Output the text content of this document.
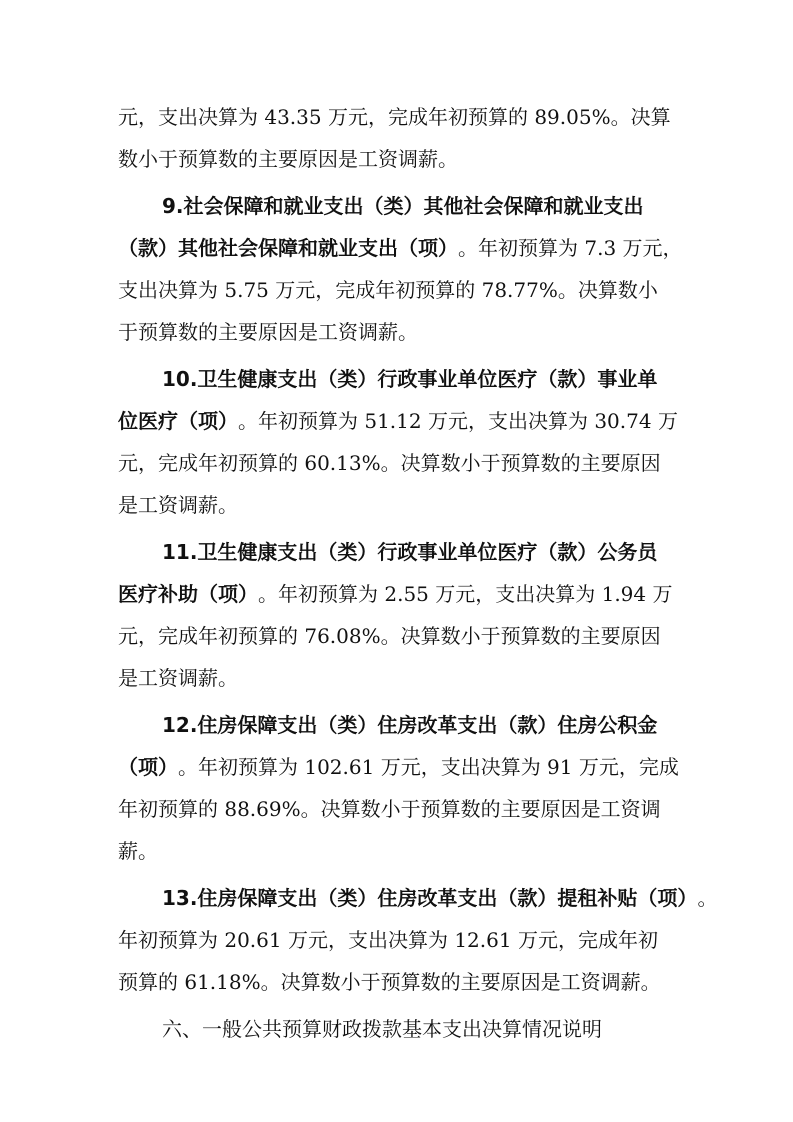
元，支出决算为 43.35 万元，完成年初预算的 89.05%。决算
数小于预算数的主要原因是工资调薪。
9.社会保障和就业支出（类）其他社会保障和就业支出
（款）其他社会保障和就业支出（项） 。年初预算为 7.3 万元，
支出决算为 5.75 万元，完成年初预算的 78.77%。决算数小
于预算数的主要原因是工资调薪。
10.卫生健康支出（类）行政事业单位医疗（款）事业单
位医疗（项） 。年初预算为 51.12 万元，支出决算为 30.74 万
元，完成年初预算的 60.13%。决算数小于预算数的主要原因
是工资调薪。
11.卫生健康支出（类）行政事业单位医疗（款）公务员
医疗补助（项） 。年初预算为 2.55 万元，支出决算为 1.94 万
元，完成年初预算的 76.08%。决算数小于预算数的主要原因
是工资调薪。
12.住房保障支出（类）住房改革支出（款）住房公积金
（项） 。年初预算为 102.61 万元，支出决算为 91 万元，完成
年初预算的 88.69%。决算数小于预算数的主要原因是工资调
薪。
13.住房保障支出（类）住房改革支出（款）提租补贴（项） 。
年初预算为 20.61 万元，支出决算为 12.61 万元，完成年初
预算的 61.18%。决算数小于预算数的主要原因是工资调薪。
六、一般公共预算财政拨款基本支出决算情况说明
